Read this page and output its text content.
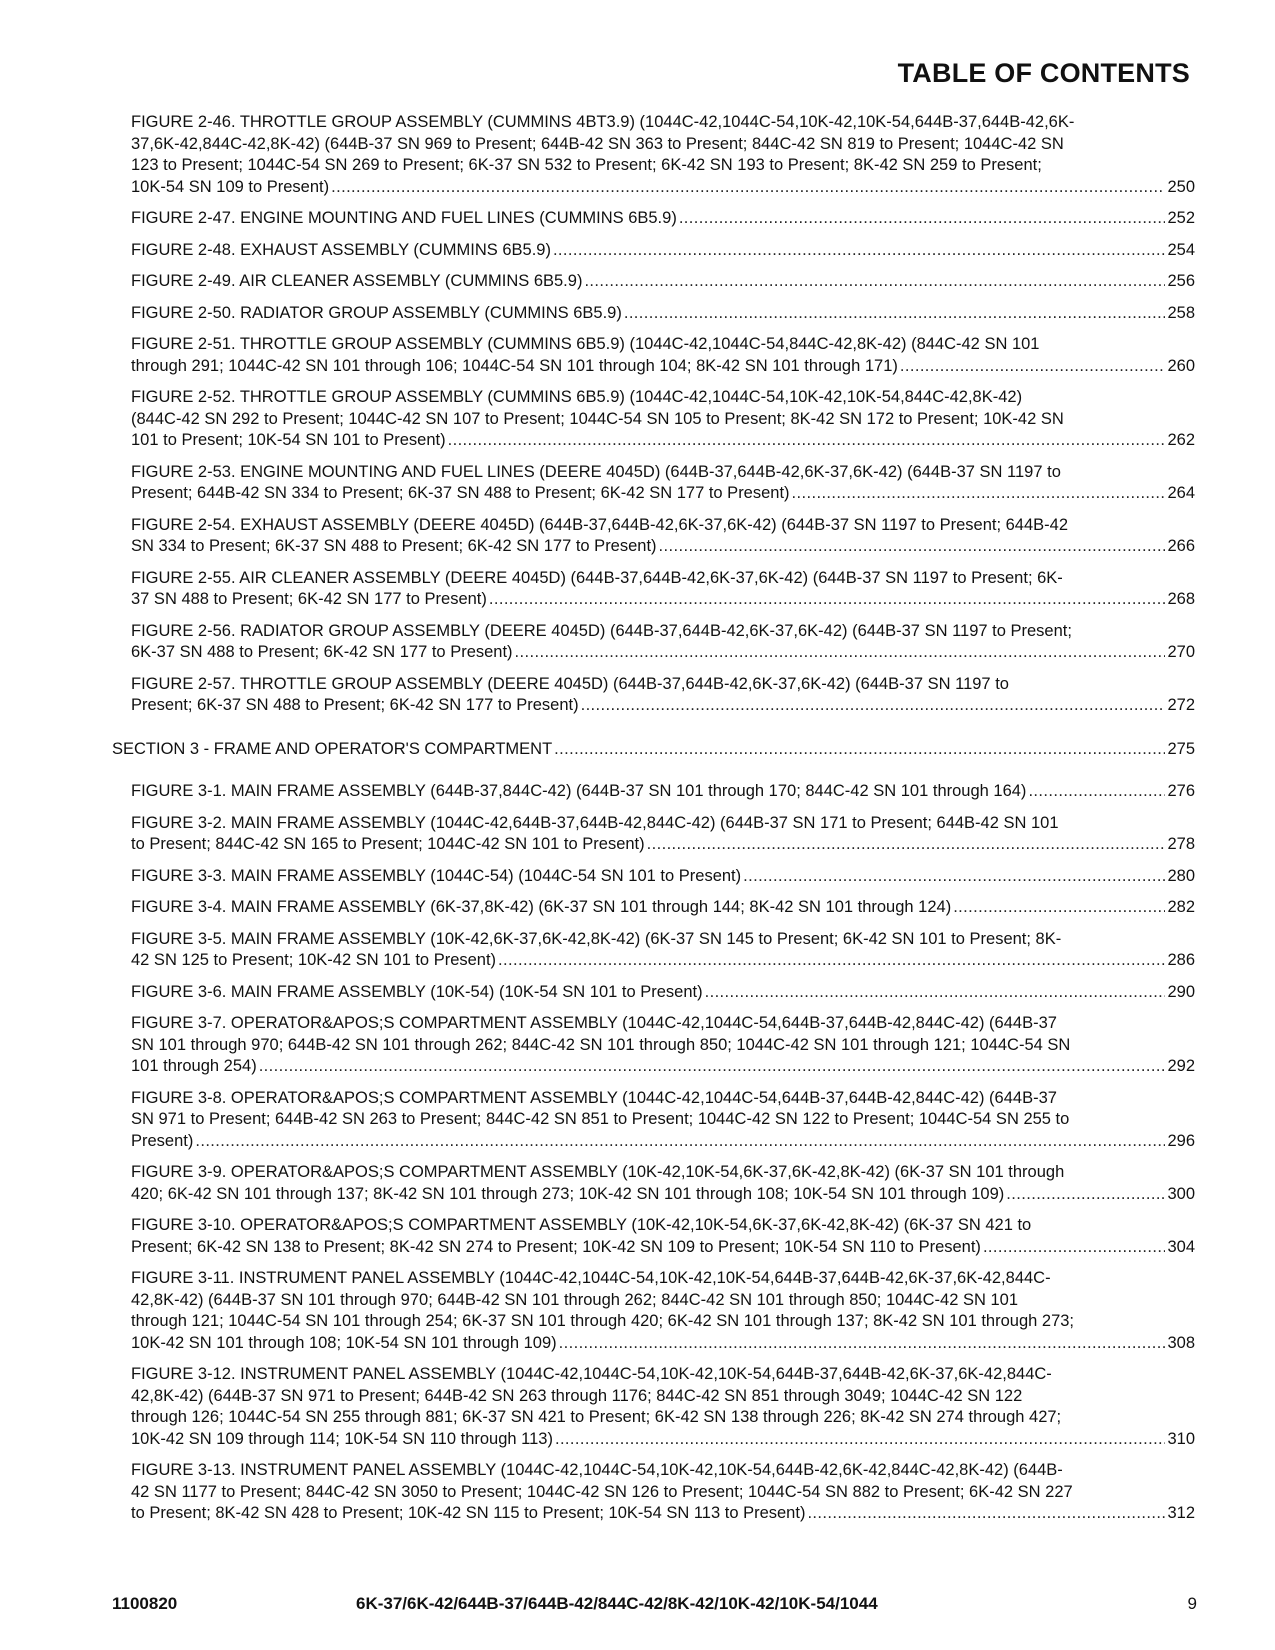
TABLE OF CONTENTS

FIGURE 2-46. THROTTLE GROUP ASSEMBLY (CUMMINS 4BT3.9) (1044C-42,1044C-54,10K-42,10K-54,644B-37,644B-42,6K-

37,6K-42,844C-42,8K-42) (644B-37 SN 969 to Present; 644B-42 SN 363 to Present; 844C-42 SN 819 to Present; 1044C-42 SN

123 to Present; 1044C-54 SN 269 to Present; 6K-37 SN 532 to Present; 6K-42 SN 193 to Present; 8K-42 SN 259 to Present;

10K-54 SN 109 to Present) .....	250
FIGURE 2-47. ENGINE MOUNTING AND FUEL LINES (CUMMINS 6B5.9) .....	252
FIGURE 2-48. EXHAUST ASSEMBLY (CUMMINS 6B5.9) .....	254
FIGURE 2-49. AIR CLEANER ASSEMBLY (CUMMINS 6B5.9) .....	256
FIGURE 2-50. RADIATOR GROUP ASSEMBLY (CUMMINS 6B5.9) .....	258

FIGURE 2-51. THROTTLE GROUP ASSEMBLY (CUMMINS 6B5.9) (1044C-42,1044C-54,844C-42,8K-42) (844C-42 SN 101

through 291; 1044C-42 SN 101 through 106; 1044C-54 SN 101 through 104; 8K-42 SN 101 through 171) .....	260

FIGURE 2-52. THROTTLE GROUP ASSEMBLY (CUMMINS 6B5.9) (1044C-42,1044C-54,10K-42,10K-54,844C-42,8K-42)

(844C-42 SN 292 to Present; 1044C-42 SN 107 to Present; 1044C-54 SN 105 to Present; 8K-42 SN 172 to Present; 10K-42 SN

101 to Present; 10K-54 SN 101 to Present) .....	262

FIGURE 2-53. ENGINE MOUNTING AND FUEL LINES (DEERE 4045D) (644B-37,644B-42,6K-37,6K-42) (644B-37 SN 1197 to

Present; 644B-42 SN 334 to Present; 6K-37 SN 488 to Present; 6K-42 SN 177 to Present) .....	264

FIGURE 2-54. EXHAUST ASSEMBLY (DEERE 4045D) (644B-37,644B-42,6K-37,6K-42) (644B-37 SN 1197 to Present; 644B-42

SN 334 to Present; 6K-37 SN 488 to Present; 6K-42 SN 177 to Present) .....	266

FIGURE 2-55. AIR CLEANER ASSEMBLY (DEERE 4045D) (644B-37,644B-42,6K-37,6K-42) (644B-37 SN 1197 to Present; 6K-

37 SN 488 to Present; 6K-42 SN 177 to Present) .....	268

FIGURE 2-56. RADIATOR GROUP ASSEMBLY (DEERE 4045D) (644B-37,644B-42,6K-37,6K-42) (644B-37 SN 1197 to Present;

6K-37 SN 488 to Present; 6K-42 SN 177 to Present) .....	270

FIGURE 2-57. THROTTLE GROUP ASSEMBLY (DEERE 4045D) (644B-37,644B-42,6K-37,6K-42) (644B-37 SN 1197 to

Present; 6K-37 SN 488 to Present; 6K-42 SN 177 to Present) .....	272
SECTION 3 - FRAME AND OPERATOR'S COMPARTMENT .....	275
FIGURE 3-1. MAIN FRAME ASSEMBLY (644B-37,844C-42) (644B-37 SN 101 through 170; 844C-42 SN 101 through 164) .....	276

FIGURE 3-2. MAIN FRAME ASSEMBLY (1044C-42,644B-37,644B-42,844C-42) (644B-37 SN 171 to Present; 644B-42 SN 101

to Present; 844C-42 SN 165 to Present; 1044C-42 SN 101 to Present) .....	278
FIGURE 3-3. MAIN FRAME ASSEMBLY (1044C-54) (1044C-54 SN 101 to Present) .....	280
FIGURE 3-4. MAIN FRAME ASSEMBLY (6K-37,8K-42) (6K-37 SN 101 through 144; 8K-42 SN 101 through 124) .....	282

FIGURE 3-5. MAIN FRAME ASSEMBLY (10K-42,6K-37,6K-42,8K-42) (6K-37 SN 145 to Present; 6K-42 SN 101 to Present; 8K-

42 SN 125 to Present; 10K-42 SN 101 to Present) .....	286
FIGURE 3-6. MAIN FRAME ASSEMBLY (10K-54) (10K-54 SN 101 to Present) .....	290

FIGURE 3-7. OPERATOR&APOS;S COMPARTMENT ASSEMBLY (1044C-42,1044C-54,644B-37,644B-42,844C-42) (644B-37

SN 101 through 970; 644B-42 SN 101 through 262; 844C-42 SN 101 through 850; 1044C-42 SN 101 through 121; 1044C-54 SN

101 through 254) .....	292

FIGURE 3-8. OPERATOR&APOS;S COMPARTMENT ASSEMBLY (1044C-42,1044C-54,644B-37,644B-42,844C-42) (644B-37

SN 971 to Present; 644B-42 SN 263 to Present; 844C-42 SN 851 to Present; 1044C-42 SN 122 to Present; 1044C-54 SN 255 to

Present) .....	296

FIGURE 3-9. OPERATOR&APOS;S COMPARTMENT ASSEMBLY (10K-42,10K-54,6K-37,6K-42,8K-42) (6K-37 SN 101 through

420; 6K-42 SN 101 through 137; 8K-42 SN 101 through 273; 10K-42 SN 101 through 108; 10K-54 SN 101 through 109) .....	300

FIGURE 3-10. OPERATOR&APOS;S COMPARTMENT ASSEMBLY (10K-42,10K-54,6K-37,6K-42,8K-42) (6K-37 SN 421 to

Present; 6K-42 SN 138 to Present; 8K-42 SN 274 to Present; 10K-42 SN 109 to Present; 10K-54 SN 110 to Present) .....	304

FIGURE 3-11. INSTRUMENT PANEL ASSEMBLY (1044C-42,1044C-54,10K-42,10K-54,644B-37,644B-42,6K-37,6K-42,844C-

42,8K-42) (644B-37 SN 101 through 970; 644B-42 SN 101 through 262; 844C-42 SN 101 through 850; 1044C-42 SN 101

through 121; 1044C-54 SN 101 through 254; 6K-37 SN 101 through 420; 6K-42 SN 101 through 137; 8K-42 SN 101 through 273;

10K-42 SN 101 through 108; 10K-54 SN 101 through 109) .....	308

FIGURE 3-12. INSTRUMENT PANEL ASSEMBLY (1044C-42,1044C-54,10K-42,10K-54,644B-37,644B-42,6K-37,6K-42,844C-

42,8K-42) (644B-37 SN 971 to Present; 644B-42 SN 263 through 1176; 844C-42 SN 851 through 3049; 1044C-42 SN 122

through 126; 1044C-54 SN 255 through 881; 6K-37 SN 421 to Present; 6K-42 SN 138 through 226; 8K-42 SN 274 through 427;

10K-42 SN 109 through 114; 10K-54 SN 110 through 113) .....	310

FIGURE 3-13. INSTRUMENT PANEL ASSEMBLY (1044C-42,1044C-54,10K-42,10K-54,644B-42,6K-42,844C-42,8K-42) (644B-

42 SN 1177 to Present; 844C-42 SN 3050 to Present; 1044C-42 SN 126 to Present; 1044C-54 SN 882 to Present; 6K-42 SN 227

to Present; 8K-42 SN 428 to Present; 10K-42 SN 115 to Present; 10K-54 SN 113 to Present) .....	312
1100820	6K-37/6K-42/644B-37/644B-42/844C-42/8K-42/10K-42/10K-54/1044	9
